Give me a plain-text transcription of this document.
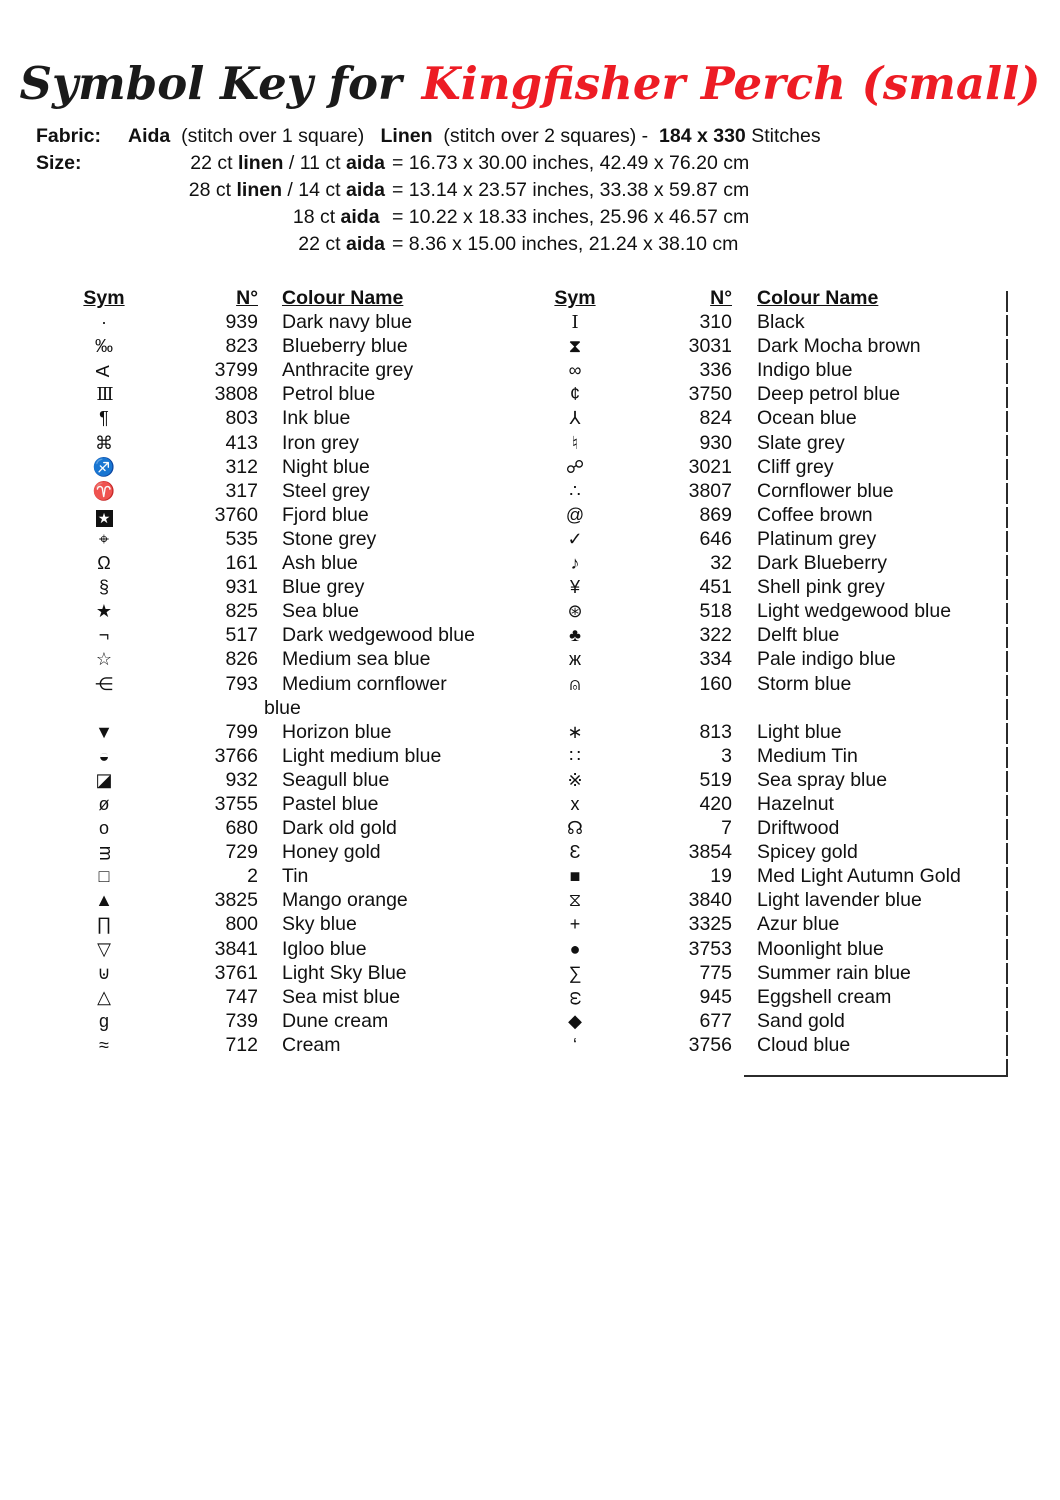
Symbol Key for Kingfisher Perch (small)
Fabric:	Aida  (stitch over 1 square)   Linen  (stitch over 2 squares) -  184 x 330 Stitches
Size:	22 ct linen / 11 ct aida = 16.73 x 30.00 inches, 42.49 x 76.20 cm
28 ct linen / 14 ct aida = 13.14 x 23.57 inches, 33.38 x 59.87 cm
18 ct aida = 10.22 x 18.33 inches, 25.96 x 46.57 cm
22 ct aida = 8.36 x 15.00 inches, 21.24 x 38.10 cm
Sym	N° Colour Name
·	939 Dark navy blue
‰	823 Blueberry blue
A	3799 Anthracite grey
III	3808 Petrol blue
¶	803 Ink blue
⌘	413 Iron grey
♐	312 Night blue
♈	317 Steel grey
★	3760 Fjord blue
⌖	535 Stone grey
Ω	161 Ash blue
§	931 Blue grey
★	825 Sea blue
¬	517 Dark wedgewood blue
☆	826 Medium sea blue
⋲	793 Medium cornflower
blue
▼	799 Horizon blue
◒	3766 Light medium blue
◪	932 Seagull blue
ø	3755 Pastel blue
o	680 Dark old gold
m	729 Honey gold
□	2 Tin
▲	3825 Mango orange
∏	800 Sky blue
▽	3841 Igloo blue
⊍	3761 Light Sky Blue
△	747 Sea mist blue
g	739 Dune cream
≈	712 Cream
Sym	N° Colour Name
I	310 Black
⧗	3031 Dark Mocha brown
∞	336 Indigo blue
¢	3750 Deep petrol blue
⅄	824 Ocean blue
♮	930 Slate grey
☍	3021 Cliff grey
∴	3807 Cornflower blue
@	869 Coffee brown
✓	646 Platinum grey
♪	32 Dark Blueberry
¥	451 Shell pink grey
⊛	518 Light wedgewood blue
♣	322 Delft blue
ж	334 Pale indigo blue
⍝	160 Storm blue
∗	813 Light blue
∷	3 Medium Tin
※	519 Sea spray blue
x	420 Hazelnut
☊	7 Driftwood
Ɛ	3854 Spicey gold
■	19 Med Light Autumn Gold
⧖	3840 Light lavender blue
+	3325 Azur blue
●	3753 Moonlight blue
∑	775 Summer rain blue
ω	945 Eggshell cream
◆	677 Sand gold
‘	3756 Cloud blue
